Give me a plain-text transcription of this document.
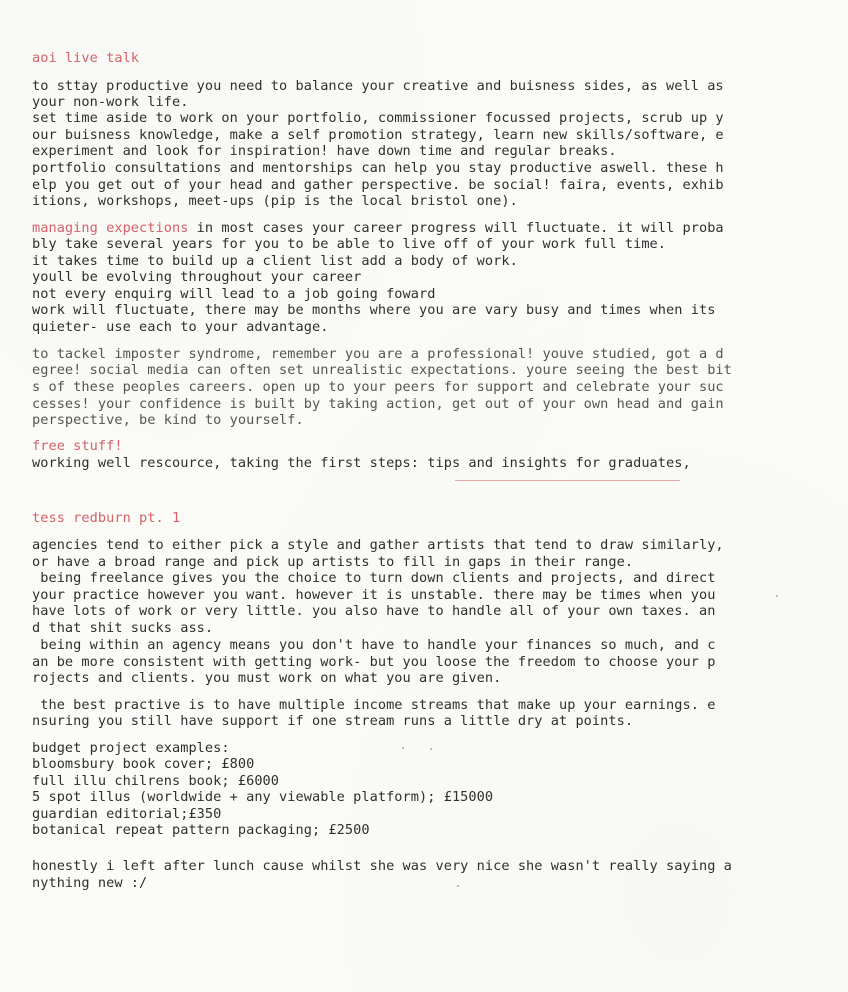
aoi live talk
to sttay productive you need to balance your creative and buisness sides, as well as
your non-work life.
set time aside to work on your portfolio, commissioner focussed projects, scrub up y
our buisness knowledge, make a self promotion strategy, learn new skills/software, e
experiment and look for inspiration! have down time and regular breaks.
portfolio consultations and mentorships can help you stay productive aswell. these h
elp you get out of your head and gather perspective. be social! faira, events, exhib
itions, workshops, meet-ups (pip is the local bristol one).
managing expections in most cases your career progress will fluctuate. it will proba
bly take several years for you to be able to live off of your work full time.
it takes time to build up a client list add a body of work.
youll be evolving throughout your career
not every enquirg will lead to a job going foward
work will fluctuate, there may be months where you are vary busy and times when its
quieter- use each to your advantage.
to tackel imposter syndrome, remember you are a professional! youve studied, got a d
egree! social media can often set unrealistic expectations. youre seeing the best bit
s of these peoples careers. open up to your peers for support and celebrate your suc
cesses! your confidence is built by taking action, get out of your own head and gain
perspective, be kind to yourself.
free stuff!
working well rescource, taking the first steps: tips and insights for graduates,
tess redburn pt. 1
agencies tend to either pick a style and gather artists that tend to draw similarly,
or have a broad range and pick up artists to fill in gaps in their range.
being freelance gives you the choice to turn down clients and projects, and direct
your practice however you want. however it is unstable. there may be times when you
have lots of work or very little. you also have to handle all of your own taxes. an
d that shit sucks ass.
being within an agency means you don't have to handle your finances so much, and c
an be more consistent with getting work- but you loose the freedom to choose your p
rojects and clients. you must work on what you are given.
the best practive is to have multiple income streams that make up your earnings. e
nsuring you still have support if one stream runs a little dry at points.
budget project examples:
bloomsbury book cover; £800
full illu chilrens book; £6000
5 spot illus (worldwide + any viewable platform); £15000
guardian editorial;£350
botanical repeat pattern packaging; £2500
honestly i left after lunch cause whilst she was very nice she wasn't really saying a
nything new :/
